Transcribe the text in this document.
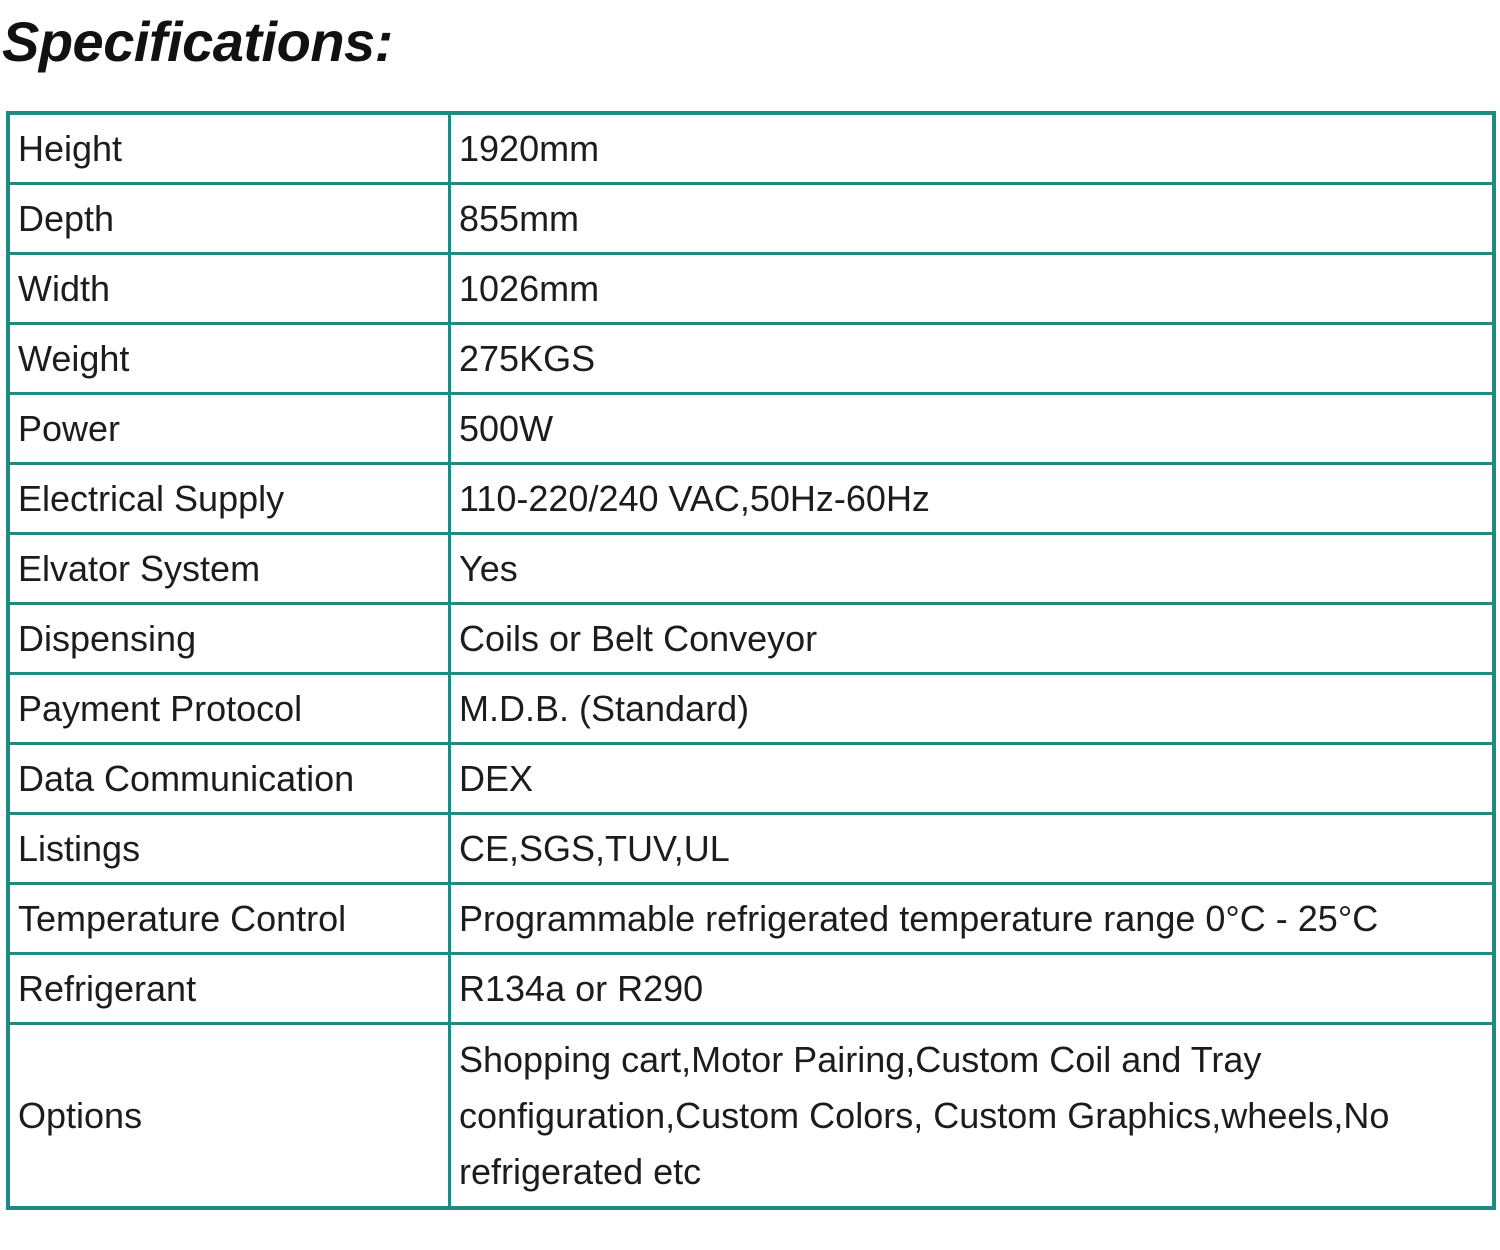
Specifications:
Height	1920mm
Depth	855mm
Width	1026mm
Weight	275KGS
Power	500W
Electrical Supply	110-220/240 VAC,50Hz-60Hz
Elvator System	Yes
Dispensing	Coils or Belt Conveyor
Payment Protocol	M.D.B. (Standard)
Data Communication	DEX
Listings	CE,SGS,TUV,UL
Temperature Control	Programmable refrigerated temperature range 0°C - 25°C
Refrigerant	R134a or R290
Options	Shopping cart,Motor Pairing,Custom Coil and Tray
configuration,Custom Colors, Custom Graphics,wheels,No
refrigerated etc
